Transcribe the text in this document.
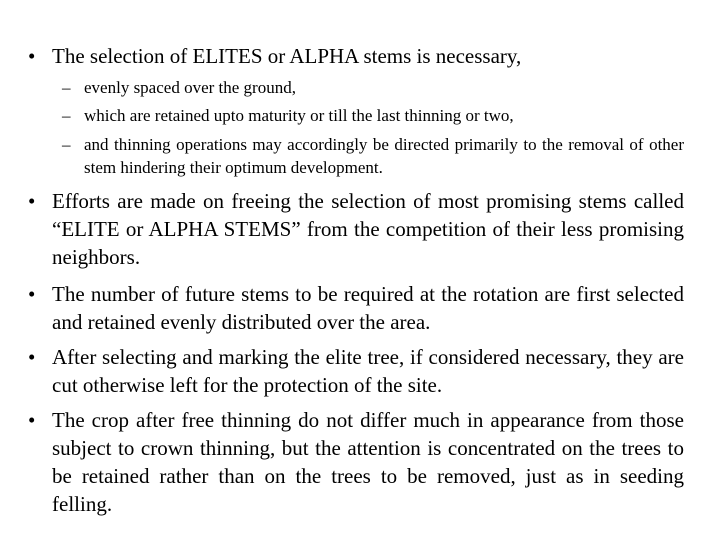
• The selection of ELITES or ALPHA stems is necessary,
– evenly spaced over the ground,
– which are retained upto maturity or till the last thinning or two,
– and thinning operations may accordingly be directed primarily to the removal of other stem hindering their optimum development.
• Efforts are made on freeing the selection of most promising stems called “ELITE or ALPHA STEMS” from the competition of their less promising neighbors.
• The number of future stems to be required at the rotation are first selected and retained evenly distributed over the area.
• After selecting and marking the elite tree, if considered necessary, they are cut otherwise left for the protection of the site.
• The crop after free thinning do not differ much in appearance from those subject to crown thinning, but the attention is concentrated on the trees to be retained rather than on the trees to be removed, just as in seeding felling.
